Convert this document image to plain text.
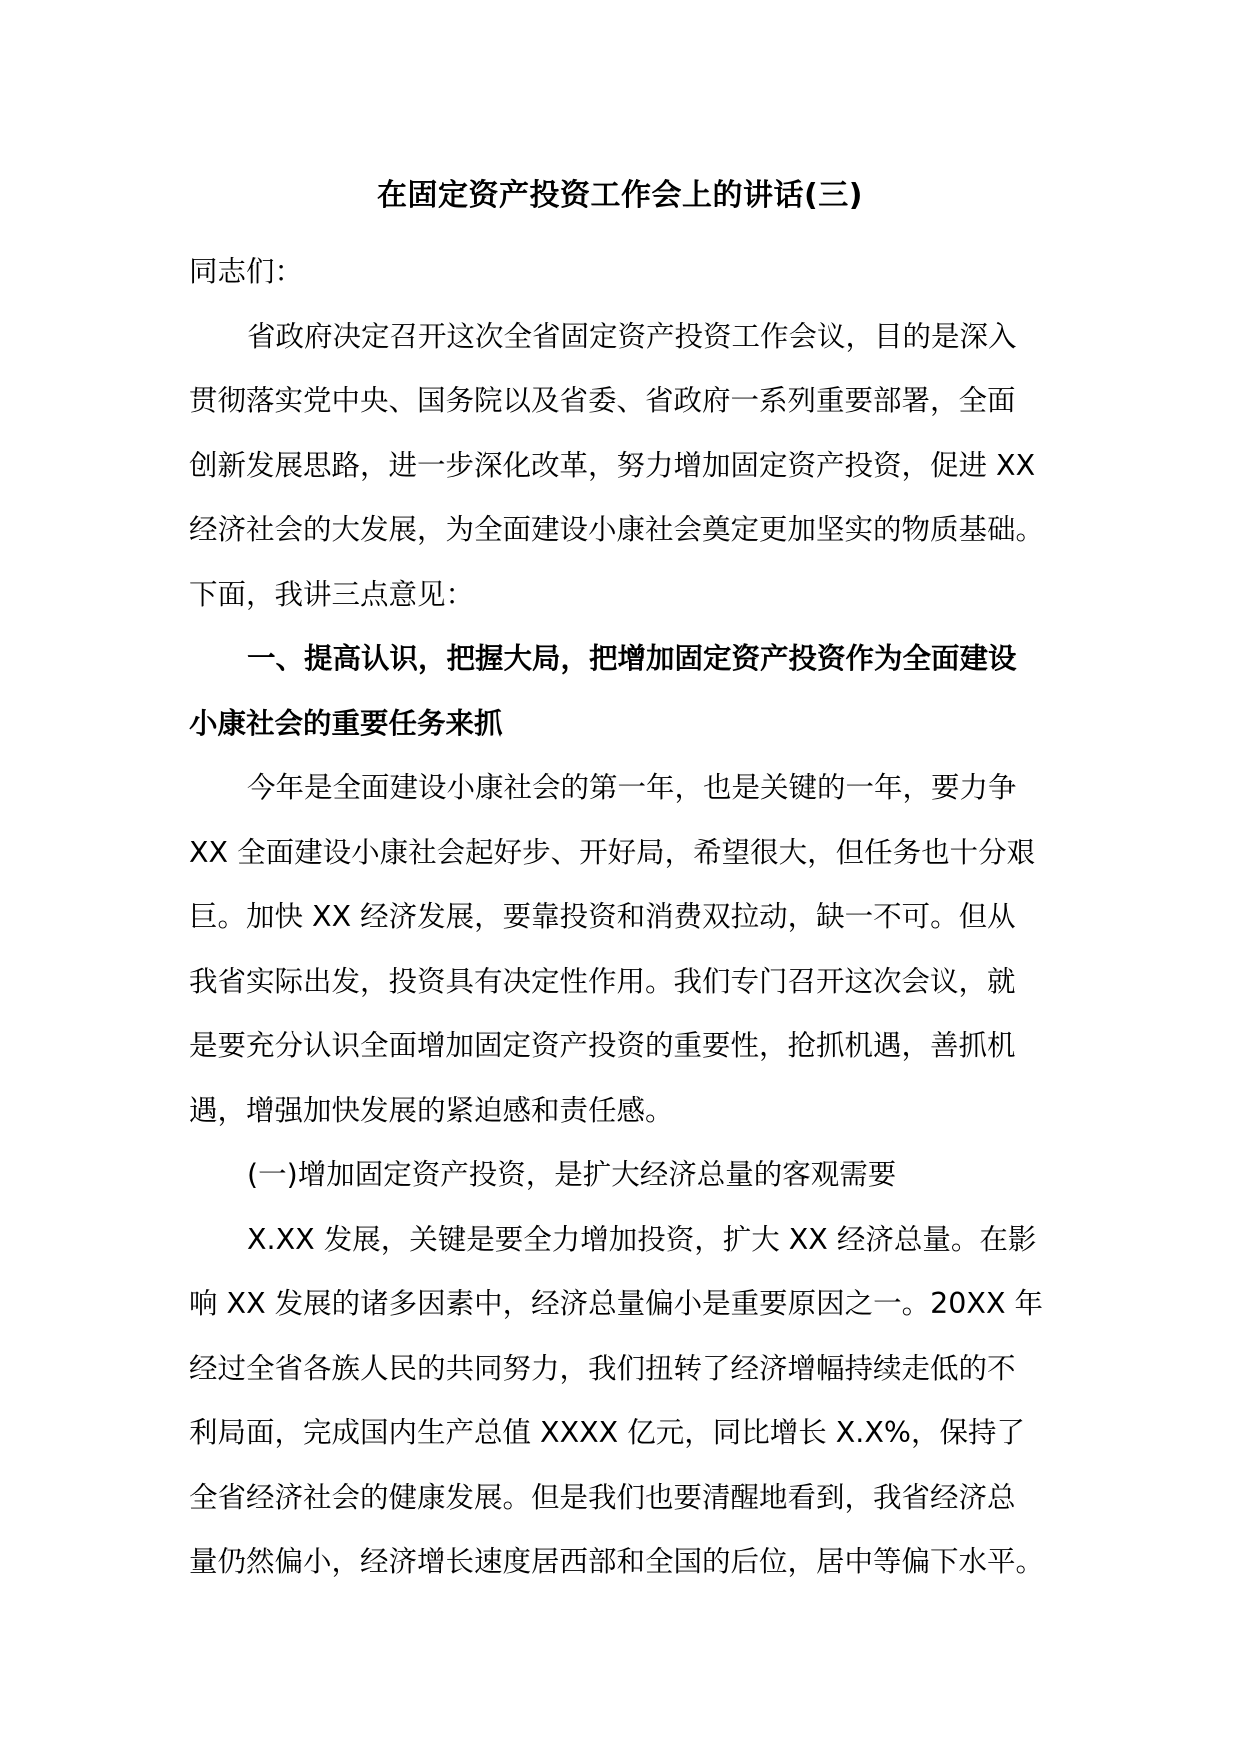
在固定资产投资工作会上的讲话(三)
同志们：
省政府决定召开这次全省固定资产投资工作会议，目的是深入
贯彻落实党中央、国务院以及省委、省政府一系列重要部署，全面
创新发展思路，进一步深化改革，努力增加固定资产投资，促进 XX
经济社会的大发展，为全面建设小康社会奠定更加坚实的物质基础。
下面，我讲三点意见：
一、提高认识，把握大局，把增加固定资产投资作为全面建设
小康社会的重要任务来抓
今年是全面建设小康社会的第一年，也是关键的一年，要力争
XX 全面建设小康社会起好步、开好局，希望很大，但任务也十分艰
巨。加快 XX 经济发展，要靠投资和消费双拉动，缺一不可。但从
我省实际出发，投资具有决定性作用。我们专门召开这次会议，就
是要充分认识全面增加固定资产投资的重要性，抢抓机遇，善抓机
遇，增强加快发展的紧迫感和责任感。
(一)增加固定资产投资，是扩大经济总量的客观需要
X.XX 发展，关键是要全力增加投资，扩大 XX 经济总量。在影
响 XX 发展的诸多因素中，经济总量偏小是重要原因之一。20XX 年
经过全省各族人民的共同努力，我们扭转了经济增幅持续走低的不
利局面，完成国内生产总值 XXXX 亿元，同比增长 X.X%，保持了
全省经济社会的健康发展。但是我们也要清醒地看到，我省经济总
量仍然偏小，经济增长速度居西部和全国的后位，居中等偏下水平。
